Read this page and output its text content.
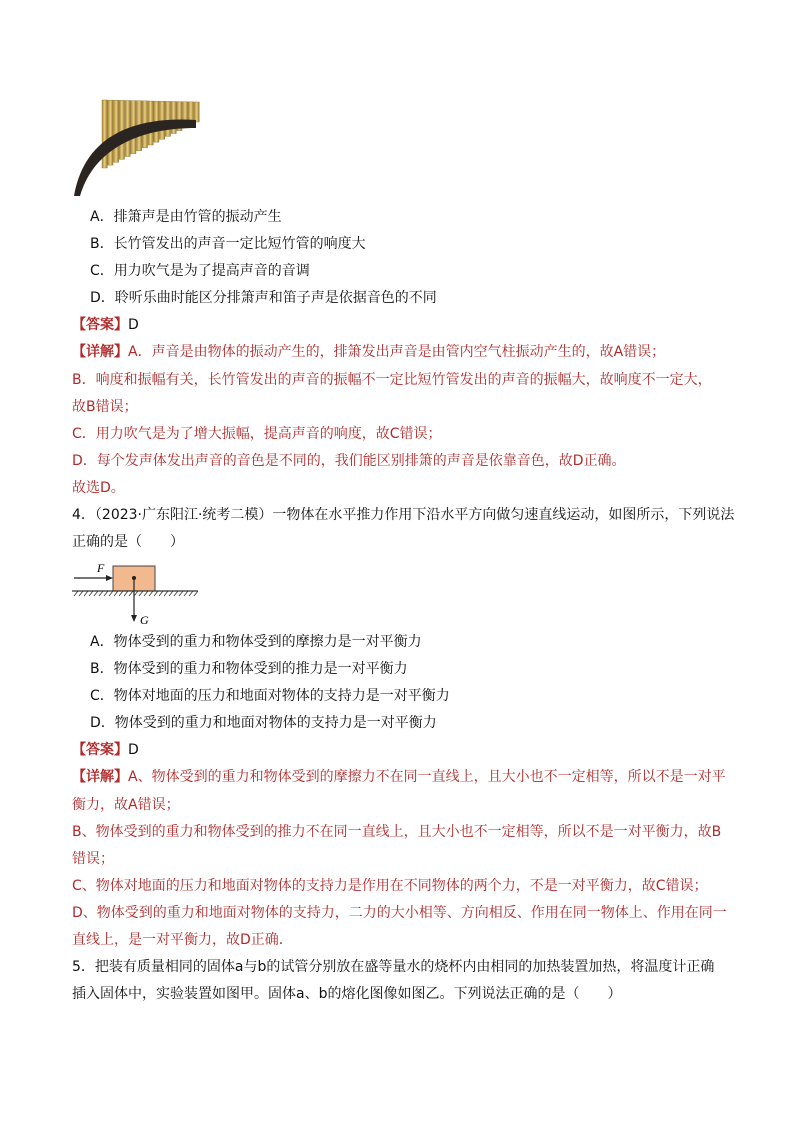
F
G
A．排箫声是由竹管的振动产生
B．长竹管发出的声音一定比短竹管的响度大
C．用力吹气是为了提高声音的音调
D．聆听乐曲时能区分排箫声和笛子声是依据音色的不同
【答案】D
【详解】A．声音是由物体的振动产生的，排箫发出声音是由管内空气柱振动产生的，故A错误；
B．响度和振幅有关，长竹管发出的声音的振幅不一定比短竹管发出的声音的振幅大，故响度不一定大，
故B错误；
C．用力吹气是为了增大振幅，提高声音的响度，故C错误；
D．每个发声体发出声音的音色是不同的，我们能区别排箫的声音是依靠音色，故D正确。
故选D。
4．（2023·广东阳江·统考二模）一物体在水平推力作用下沿水平方向做匀速直线运动，如图所示，下列说法
正确的是（　　）
A．物体受到的重力和物体受到的摩擦力是一对平衡力
B．物体受到的重力和物体受到的推力是一对平衡力
C．物体对地面的压力和地面对物体的支持力是一对平衡力
D．物体受到的重力和地面对物体的支持力是一对平衡力
【答案】D
【详解】A、物体受到的重力和物体受到的摩擦力不在同一直线上，且大小也不一定相等，所以不是一对平
衡力，故A错误；
B、物体受到的重力和物体受到的推力不在同一直线上，且大小也不一定相等，所以不是一对平衡力，故B
错误；
C、物体对地面的压力和地面对物体的支持力是作用在不同物体的两个力，不是一对平衡力，故C错误；
D、物体受到的重力和地面对物体的支持力，二力的大小相等、方向相反、作用在同一物体上、作用在同一
直线上，是一对平衡力，故D正确．
5．把装有质量相同的固体a与b的试管分别放在盛等量水的烧杯内由相同的加热装置加热，将温度计正确
插入固体中，实验装置如图甲。固体a、b的熔化图像如图乙。下列说法正确的是（　　）
